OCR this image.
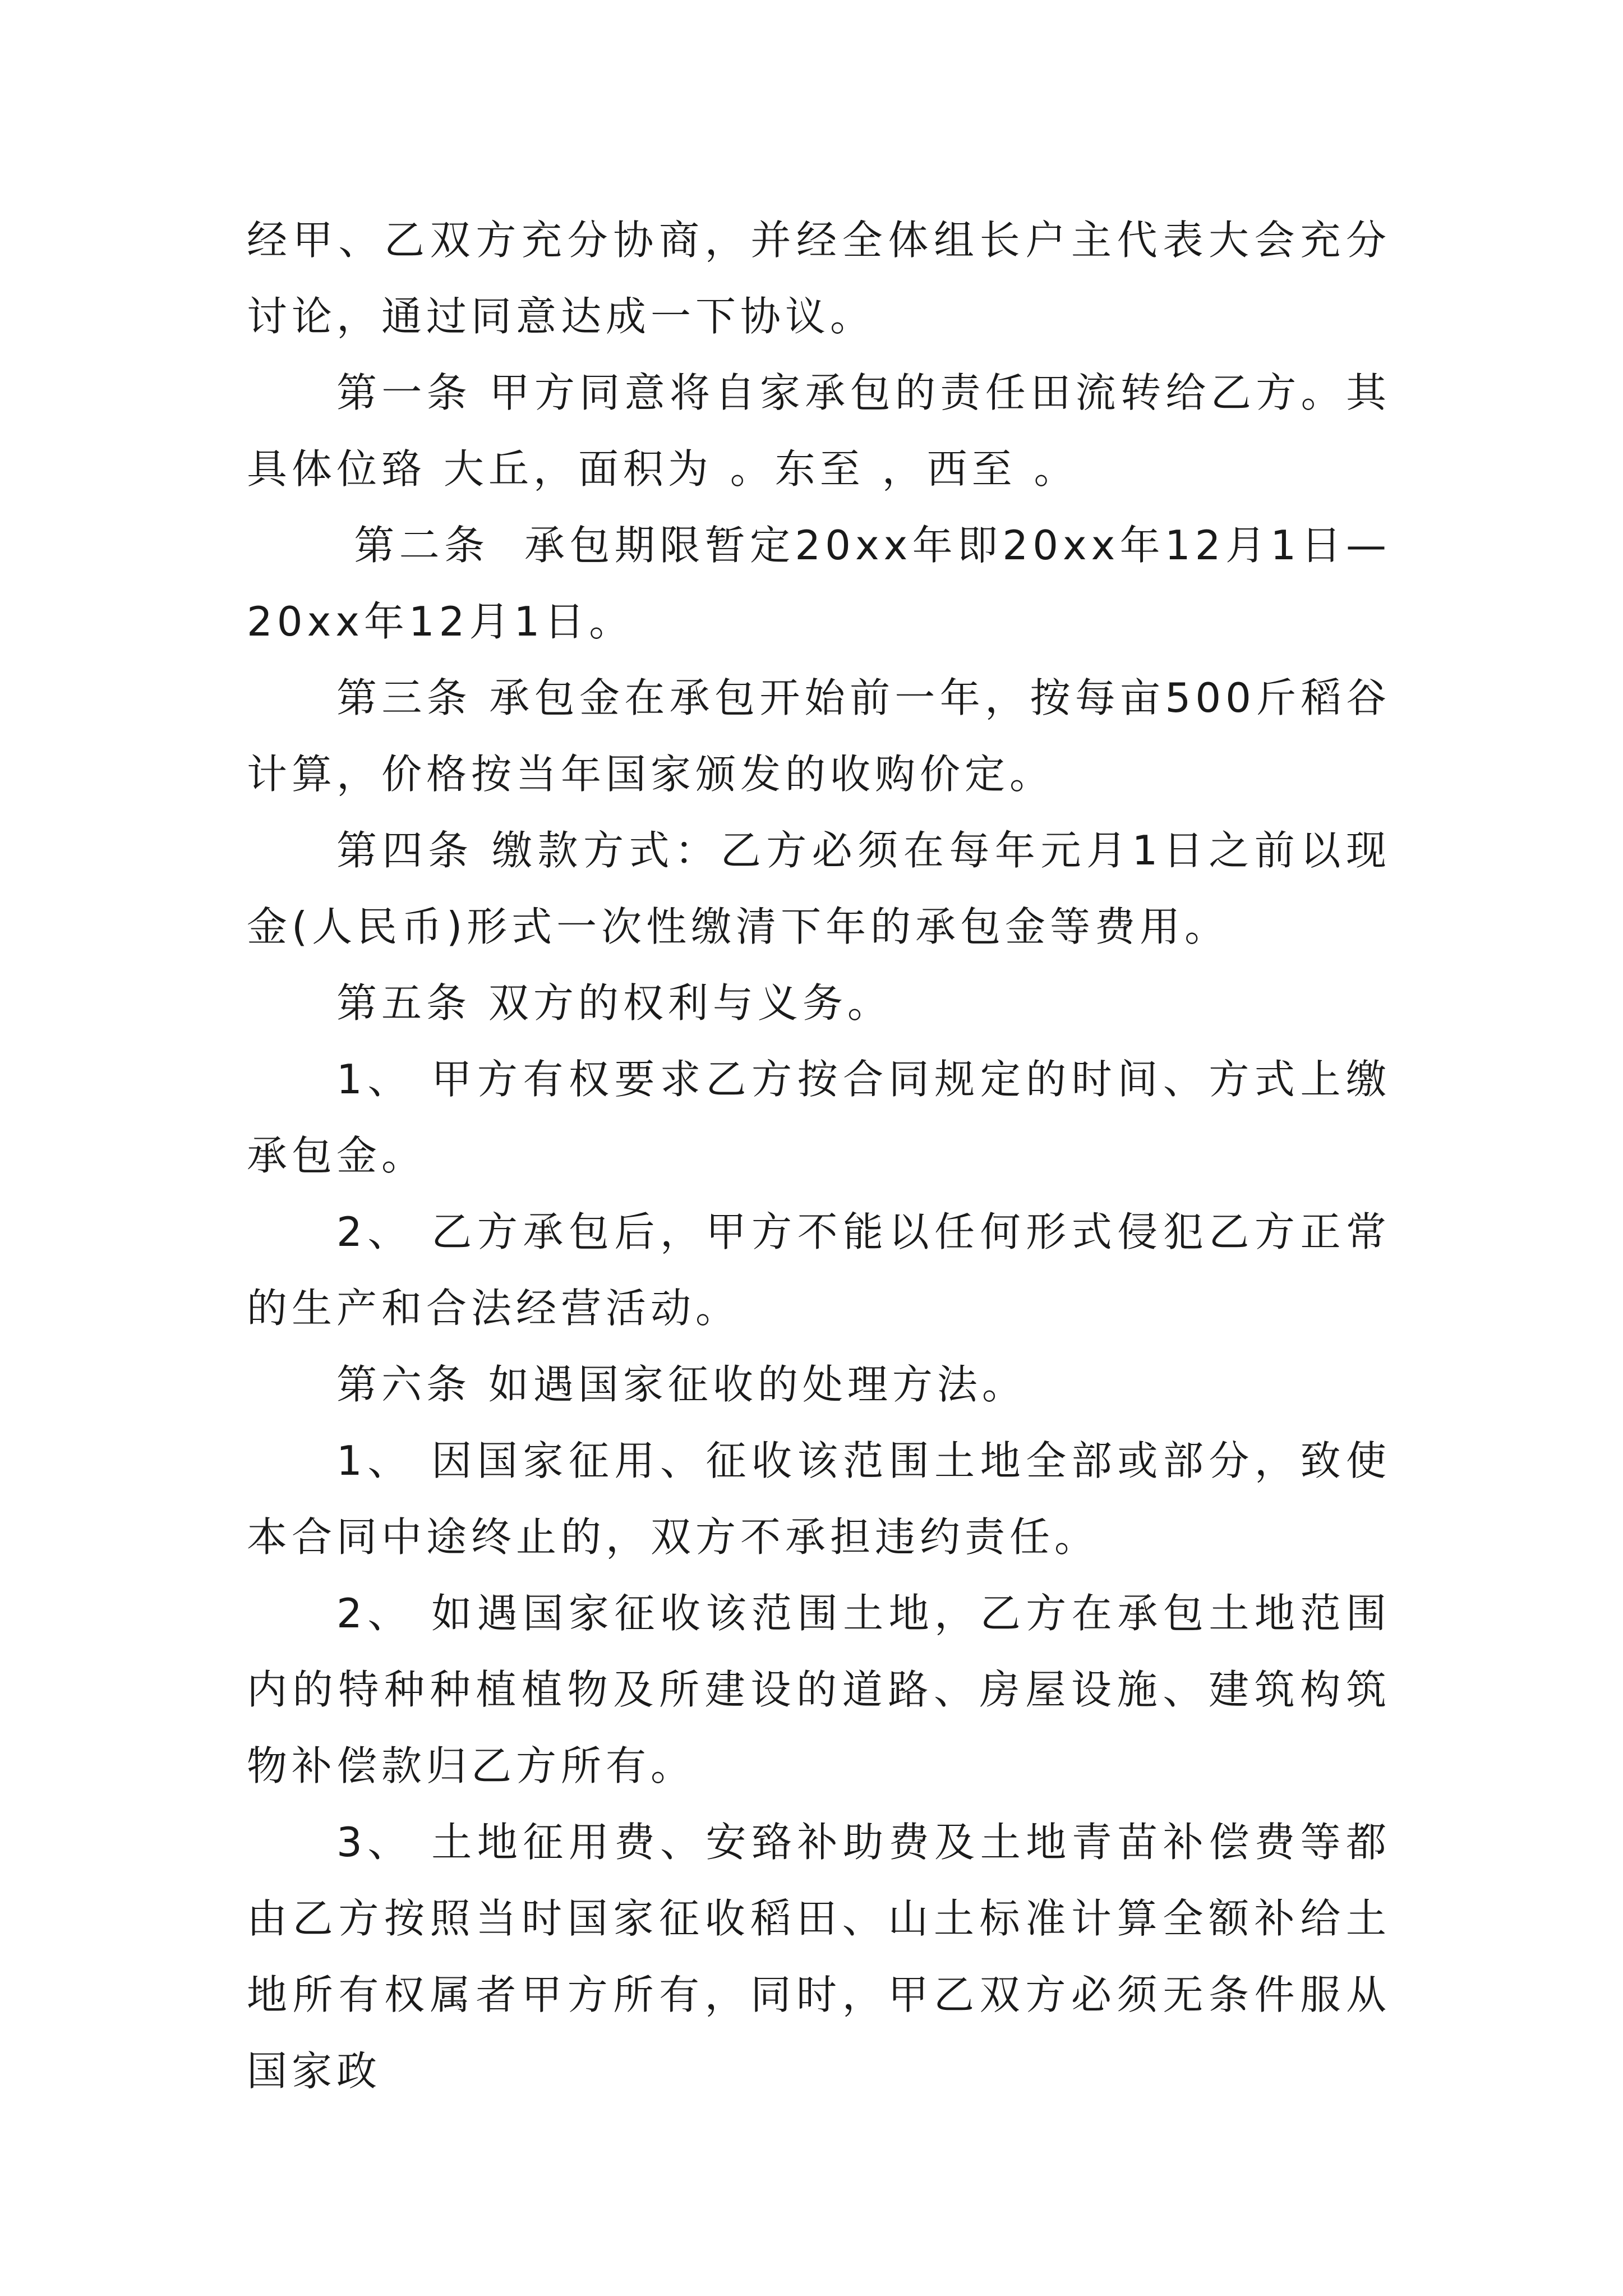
经甲、乙双方充分协商，并经全体组长户主代表大会充分讨论，通过同意达成一下协议。

第一条 甲方同意将自家承包的责任田流转给乙方。其具体位臵 大丘，面积为 。东至 ，西至 。

第二条  承包期限暂定20xx年即20xx年12月1日—20xx年12月1日。

第三条 承包金在承包开始前一年，按每亩500斤稻谷计算，价格按当年国家颁发的收购价定。

第四条 缴款方式：乙方必须在每年元月1日之前以现金(人民币)形式一次性缴清下年的承包金等费用。

第五条 双方的权利与义务。

1、 甲方有权要求乙方按合同规定的时间、方式上缴承包金。

2、 乙方承包后，甲方不能以任何形式侵犯乙方正常的生产和合法经营活动。

第六条 如遇国家征收的处理方法。

1、 因国家征用、征收该范围土地全部或部分，致使本合同中途终止的，双方不承担违约责任。

2、 如遇国家征收该范围土地，乙方在承包土地范围内的特种种植植物及所建设的道路、房屋设施、建筑构筑物补偿款归乙方所有。

3、 土地征用费、安臵补助费及土地青苗补偿费等都由乙方按照当时国家征收稻田、山土标准计算全额补给土地所有权属者甲方所有，同时，甲乙双方必须无条件服从国家政
